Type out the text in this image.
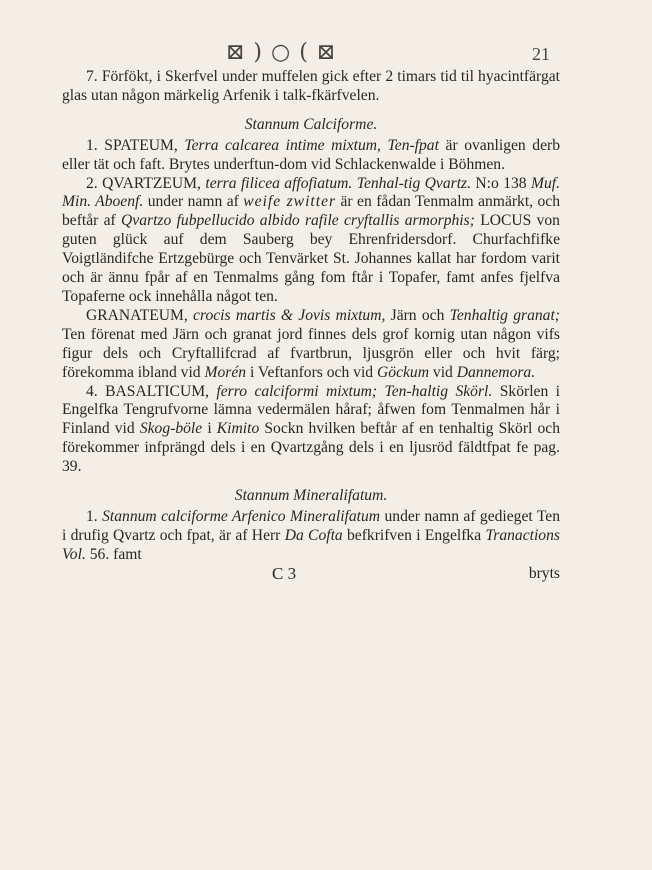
⊠ ) ○ ( ⊠	21

7. Förfökt, i Skerfvel under muffelen gick efter 2 timars tid til hyacintfärgat glas utan någon märkelig Arfenik i talk-fkärfvelen.

Stannum Calciforme.

1. SPATEUM, Terra calcarea intime mixtum, Ten-fpat är ovanligen derb eller tät och faft. Brytes underftun-dom vid Schlackenwalde i Böhmen.

2. QVARTZEUM, terra filicea affofiatum. Tenhal-tig Qvartz. N:o 138 Muf. Min. Aboenf. under namn af weife zwitter är en fådan Tenmalm anmärkt, och beftår af Qvartzo fubpellucido albido rafile cryftallis armorphis; LOCUS von guten glück auf dem Sauberg bey Ehrenfridersdorf. Churfachfifke Voigtländifche Ertzgebürge och Tenvärket St. Johannes kallat har fordom varit och är ännu fpår af en Tenmalms gång fom ftår i Topafer, famt anfes fjelfva Topaferne ock innehålla något ten.

GRANATEUM, crocis martis & Jovis mixtum, Järn och Tenhaltig granat; Ten förenat med Järn och granat jord finnes dels grof kornig utan någon vifs figur dels och Cryftallifcrad af fvartbrun, ljusgrön eller och hvit färg; förekomma ibland vid Morén i Veftanfors och vid Göckum vid Dannemora.

4. BASALTICUM, ferro calciformi mixtum; Ten-haltig Skörl. Skörlen i Engelfka Tengrufvorne lämna vedermälen håraf; åfwen fom Tenmalmen hår i Finland vid Skog-böle i Kimito Sockn hvilken beftår af en tenhaltig Skörl och förekommer infprängd dels i en Qvartzgång dels i en ljusröd fäldtfpat fe pag. 39.

Stannum Mineralifatum.

1. Stannum calciforme Arfenico Mineralifatum under namn af gedieget Ten i drufig Qvartz och fpat, är af Herr Da Cofta befkrifven i Engelfka Tranactions Vol. 56. famt

C 3	bryts
